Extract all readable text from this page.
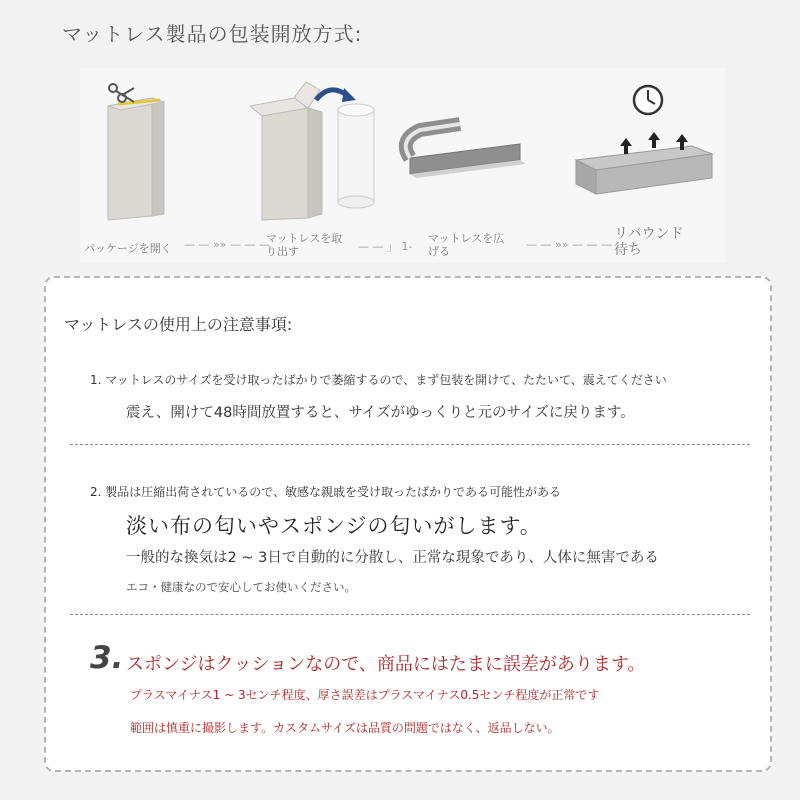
マットレス製品の包装開放方式:
パッケージを開く — — »» — — —
マットレスを取
り出す	— — 」 1-
マットレスを広
げる
— — »» — — —
リバウンド
待ち
マットレスの使用上の注意事項:
1. マットレスのサイズを受け取ったばかりで萎縮するので、まず包装を開けて、たたいて、震えてください
震え、開けて48時間放置すると、サイズがゆっくりと元のサイズに戻ります。
2. 製品は圧縮出荷されているので、敏感な親戚を受け取ったばかりである可能性がある
淡い布の匂いやスポンジの匂いがします。
一般的な換気は2 ~ 3日で自動的に分散し、正常な現象であり、人体に無害である
エコ・健康なので安心してお使いください。
3. スポンジはクッションなので、商品にはたまに誤差があります。
プラスマイナス1 ~ 3センチ程度、厚さ誤差はプラスマイナス0.5センチ程度が正常です
範囲は慎重に撮影します。カスタムサイズは品質の問題ではなく、返品しない。
